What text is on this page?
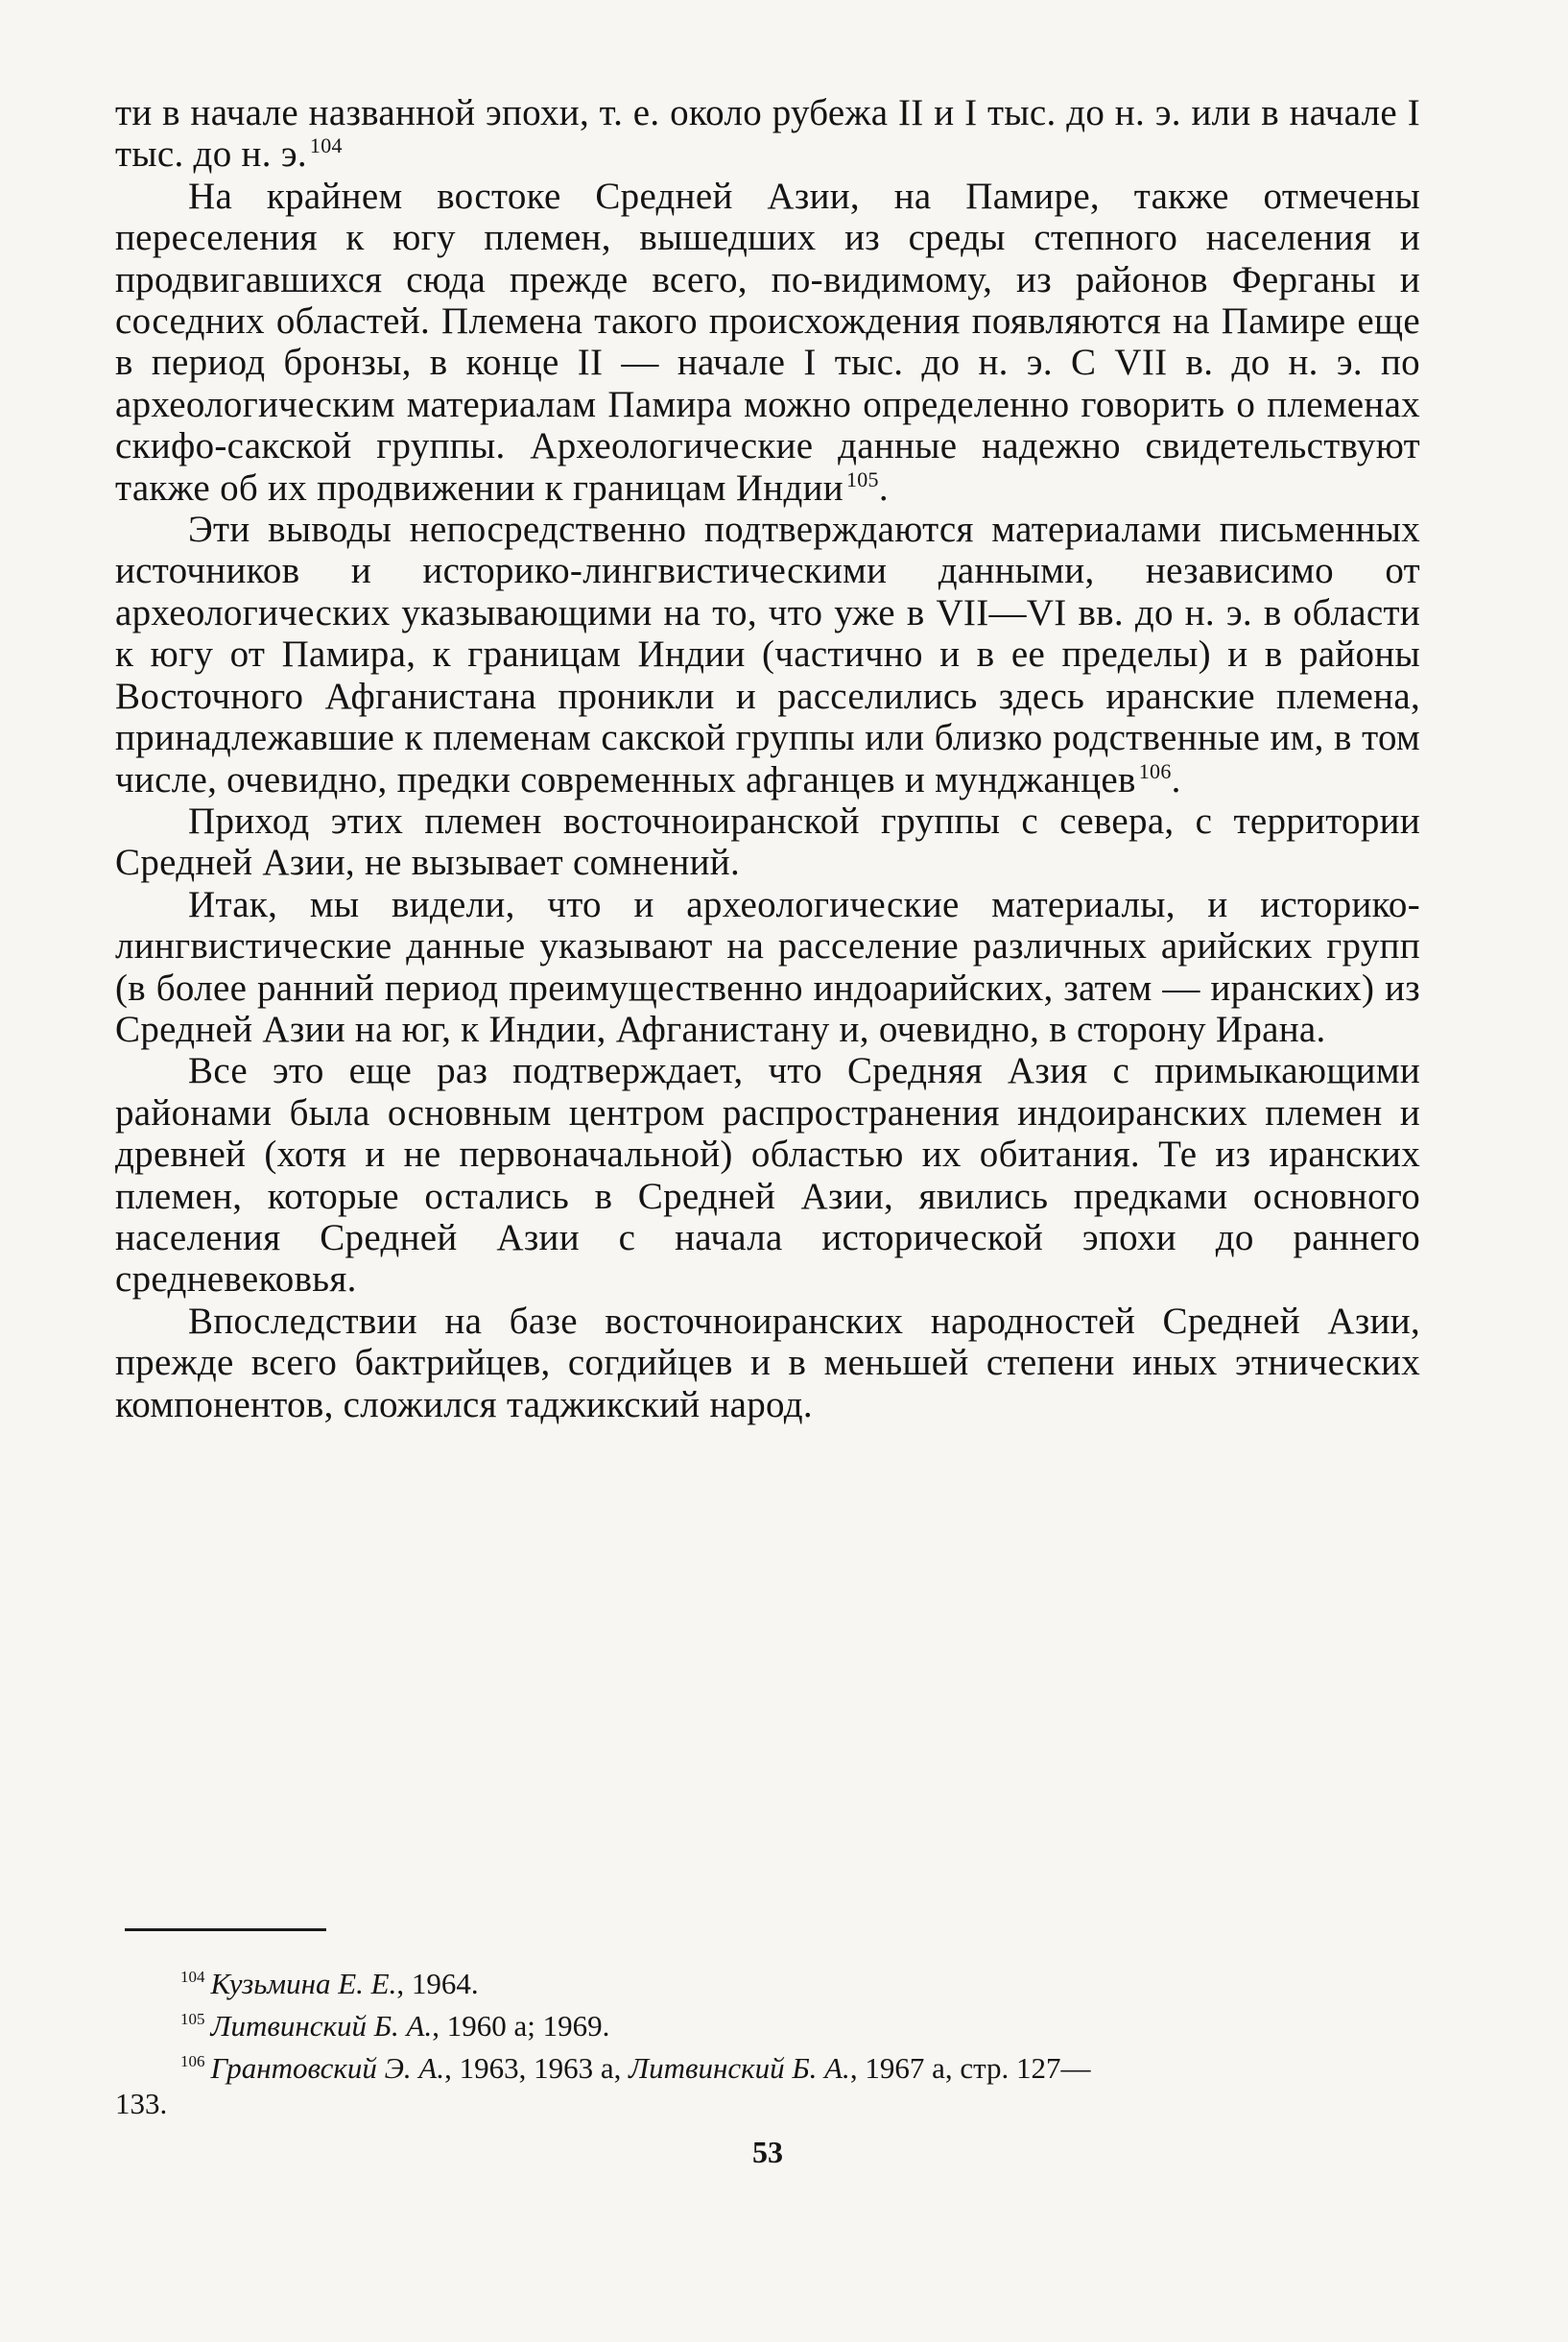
ти в начале названной эпохи, т. е. около рубежа II и I тыс. до н. э. или в начале I тыс. до н. э. $^{104}$

На крайнем востоке Средней Азии, на Памире, также отмечены переселения к югу племен, вышедших из среды степного населения и продвигавшихся сюда прежде всего, по-видимому, из районов Ферганы и соседних областей. Племена такого происхождения появляются на Памире еще в период бронзы, в конце II — начале I тыс. до н. э. С VII в. до н. э. по археологическим материалам Памира можно определенно говорить о племенах скифо-сакской группы. Археологические данные надежно свидетельствуют также об их продвижении к границам Индии $^{105}$.

Эти выводы непосредственно подтверждаются материалами письменных источников и историко-лингвистическими данными, независимо от археологических указывающими на то, что уже в VII—VI вв. до н. э. в области к югу от Памира, к границам Индии (частично и в ее пределы) и в районы Восточного Афганистана проникли и расселились здесь иранские племена, принадлежавшие к племенам сакской группы или близко родственные им, в том числе, очевидно, предки современных афганцев и мунджанцев $^{106}$.

Приход этих племен восточноиранской группы с севера, с территории Средней Азии, не вызывает сомнений.

Итак, мы видели, что и археологические материалы, и историко-лингвистические данные указывают на расселение различных арийских групп (в более ранний период преимущественно индоарийских, затем — иранских) из Средней Азии на юг, к Индии, Афганистану и, очевидно, в сторону Ирана.

Все это еще раз подтверждает, что Средняя Азия с примыкающими районами была основным центром распространения индоиранских племен и древней (хотя и не первоначальной) областью их обитания. Те из иранских племен, которые остались в Средней Азии, явились предками основного населения Средней Азии с начала исторической эпохи до раннего средневековья.

Впоследствии на базе восточноиранских народностей Средней Азии, прежде всего бактрийцев, согдийцев и в меньшей степени иных этнических компонентов, сложился таджикский народ.

$^{104}$ Кузьмина Е. Е., 1964.
$^{105}$ Литвинский Б. А., 1960 а; 1969.
$^{106}$ Грантовский Э. А., 1963, 1963 а, Литвинский Б. А., 1967 а, стр. 127—
133.
53
